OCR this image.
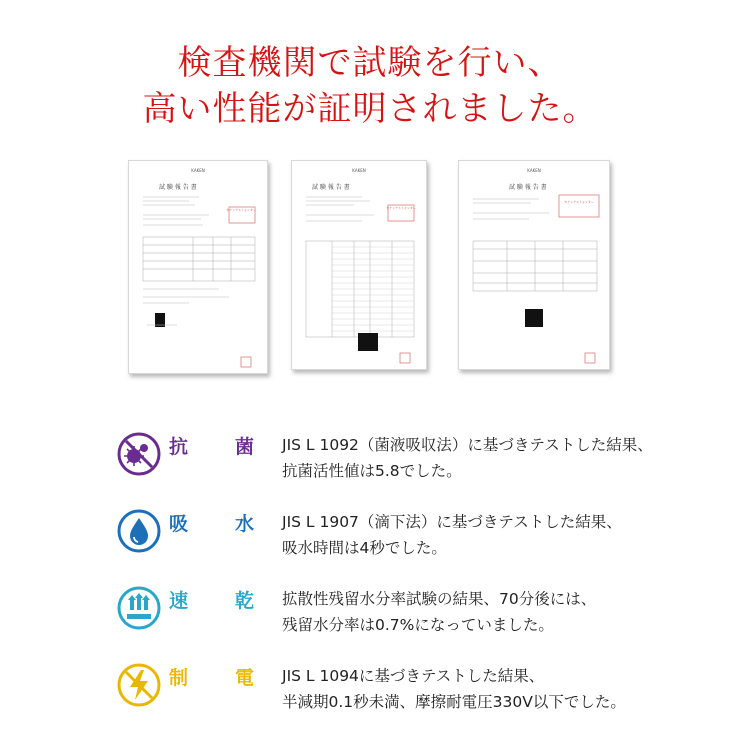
検査機関で試験を行い、
高い性能が証明されました。
KAKEN
試 験 報 告 書
カケンテストセンター
KAKEN
試 験 報 告 書
カケンテストセンター
KAKEN
試 験 報 告 書
カケンテストセンター
抗 菌 JIS L 1092（菌液吸収法）に基づきテストした結果、
抗菌活性値は5.8でした。
吸 水 JIS L 1907（滴下法）に基づきテストした結果、
吸水時間は4秒でした。
速 乾 拡散性残留水分率試験の結果、70分後には、
残留水分率は0.7%になっていました。
制 電 JIS L 1094に基づきテストした結果、
半減期0.1秒未満、摩擦耐電圧330V以下でした。
